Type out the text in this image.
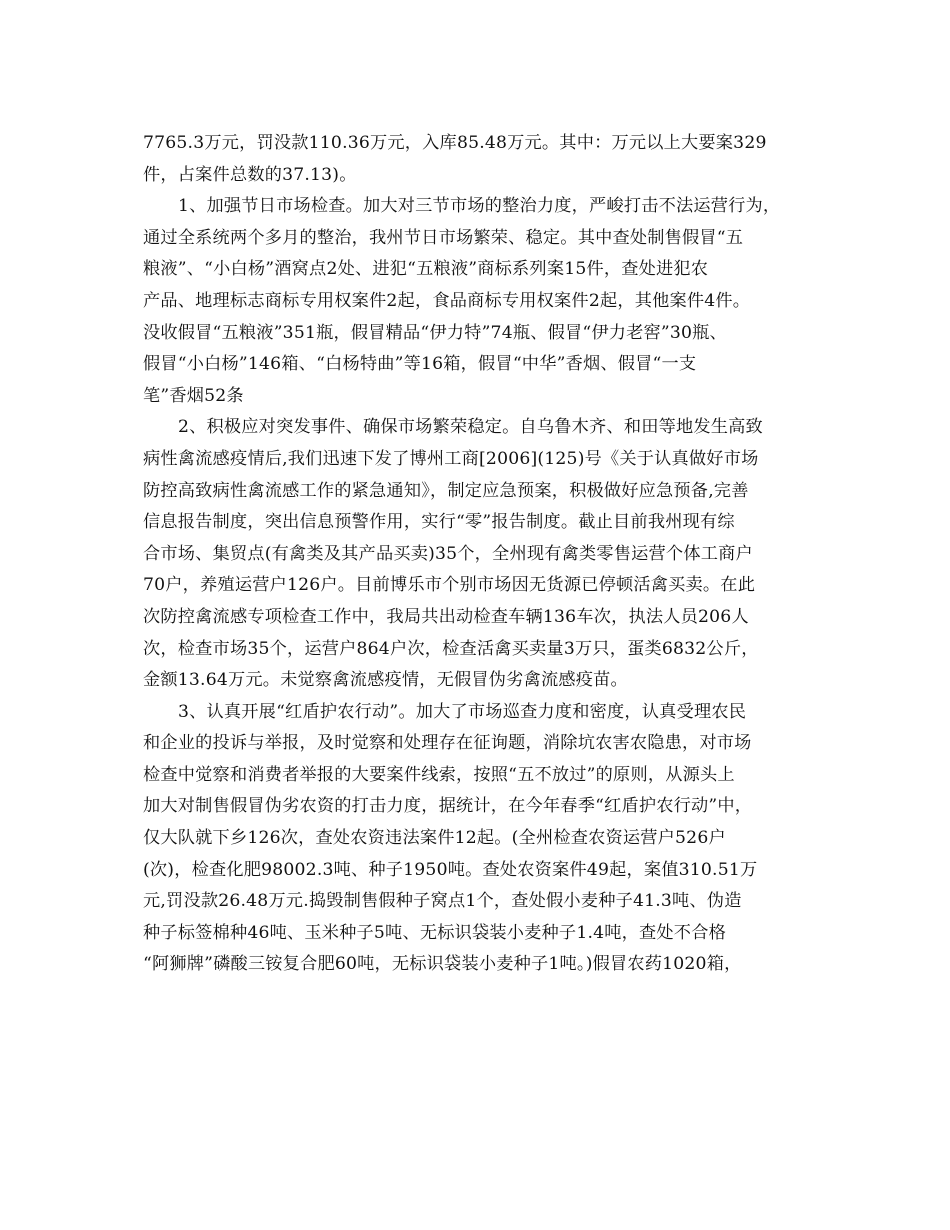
7765.3万元，罚没款110.36万元，入库85.48万元。其中：万元以上大要案329
件，占案件总数的37.13)。
1、加强节日市场检查。加大对三节市场的整治力度，严峻打击不法运营行为，
通过全系统两个多月的整治，我州节日市场繁荣、稳定。其中查处制售假冒“五
粮液”、“小白杨”酒窝点2处、进犯“五粮液”商标系列案15件，查处进犯农
产品、地理标志商标专用权案件2起，食品商标专用权案件2起，其他案件4件。
没收假冒“五粮液”351瓶，假冒精品“伊力特”74瓶、假冒“伊力老窖”30瓶、
假冒“小白杨”146箱、“白杨特曲”等16箱，假冒“中华”香烟、假冒“一支
笔”香烟52条
2、积极应对突发事件、确保市场繁荣稳定。自乌鲁木齐、和田等地发生高致
病性禽流感疫情后,我们迅速下发了博州工商[2006](125)号《关于认真做好市场
防控高致病性禽流感工作的紧急通知》，制定应急预案，积极做好应急预备,完善
信息报告制度，突出信息预警作用，实行“零”报告制度。截止目前我州现有综
合市场、集贸点(有禽类及其产品买卖)35个，全州现有禽类零售运营个体工商户
70户，养殖运营户126户。目前博乐市个别市场因无货源已停顿活禽买卖。在此
次防控禽流感专项检查工作中，我局共出动检查车辆136车次，执法人员206人
次，检查市场35个，运营户864户次，检查活禽买卖量3万只，蛋类6832公斤，
金额13.64万元。未觉察禽流感疫情，无假冒伪劣禽流感疫苗。
3、认真开展“红盾护农行动”。加大了市场巡查力度和密度，认真受理农民
和企业的投诉与举报，及时觉察和处理存在征询题，消除坑农害农隐患，对市场
检查中觉察和消费者举报的大要案件线索，按照“五不放过”的原则，从源头上
加大对制售假冒伪劣农资的打击力度，据统计，在今年春季“红盾护农行动”中，
仅大队就下乡126次，查处农资违法案件12起。(全州检查农资运营户526户
(次)，检查化肥98002.3吨、种子1950吨。查处农资案件49起，案值310.51万
元,罚没款26.48万元.捣毁制售假种子窝点1个，查处假小麦种子41.3吨、伪造
种子标签棉种46吨、玉米种子5吨、无标识袋装小麦种子1.4吨，查处不合格
“阿狮牌”磷酸三铵复合肥60吨，无标识袋装小麦种子1吨。)假冒农药1020箱，
